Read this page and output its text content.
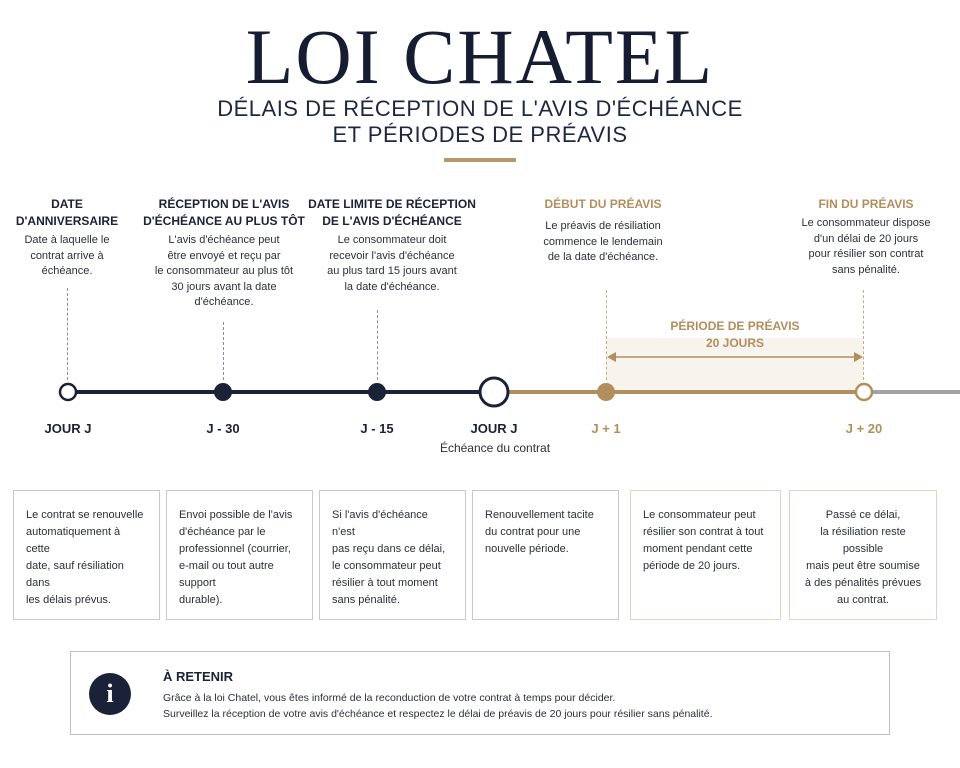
LOI CHATEL
DÉLAIS DE RÉCEPTION DE L'AVIS D'ÉCHÉANCE
ET PÉRIODES DE PRÉAVIS
DATE
D'ANNIVERSAIRE
Date à laquelle le
contrat arrive à
échéance.
RÉCEPTION DE L'AVIS
D'ÉCHÉANCE AU PLUS TÔT
L'avis d'échéance peut
être envoyé et reçu par
le consommateur au plus tôt
30 jours avant la date
d'échéance.
DATE LIMITE DE RÉCEPTION
DE L'AVIS D'ÉCHÉANCE
Le consommateur doit
recevoir l'avis d'échéance
au plus tard 15 jours avant
la date d'échéance.
DÉBUT DU PRÉAVIS
Le préavis de résiliation
commence le lendemain
de la date d'échéance.
FIN DU PRÉAVIS
Le consommateur dispose
d'un délai de 20 jours
pour résilier son contrat
sans pénalité.
PÉRIODE DE PRÉAVIS
20 JOURS
JOUR J	J - 30	J - 15	JOUR J
Échéance du contrat
J + 1	J + 20
Le contrat se renouvelle
automatiquement à cette
date, sauf résiliation dans
les délais prévus.
Envoi possible de l'avis
d'échéance par le
professionnel (courrier,
e-mail ou tout autre support
durable).
Si l'avis d'échéance n'est
pas reçu dans ce délai,
le consommateur peut
résilier à tout moment
sans pénalité.
Renouvellement tacite
du contrat pour une
nouvelle période.
Le consommateur peut
résilier son contrat à tout
moment pendant cette
période de 20 jours.
Passé ce délai,
la résiliation reste possible
mais peut être soumise
à des pénalités prévues
au contrat.
i
À RETENIR
Grâce à la loi Chatel, vous êtes informé de la reconduction de votre contrat à temps pour décider.
Surveillez la réception de votre avis d'échéance et respectez le délai de préavis de 20 jours pour résilier sans pénalité.
